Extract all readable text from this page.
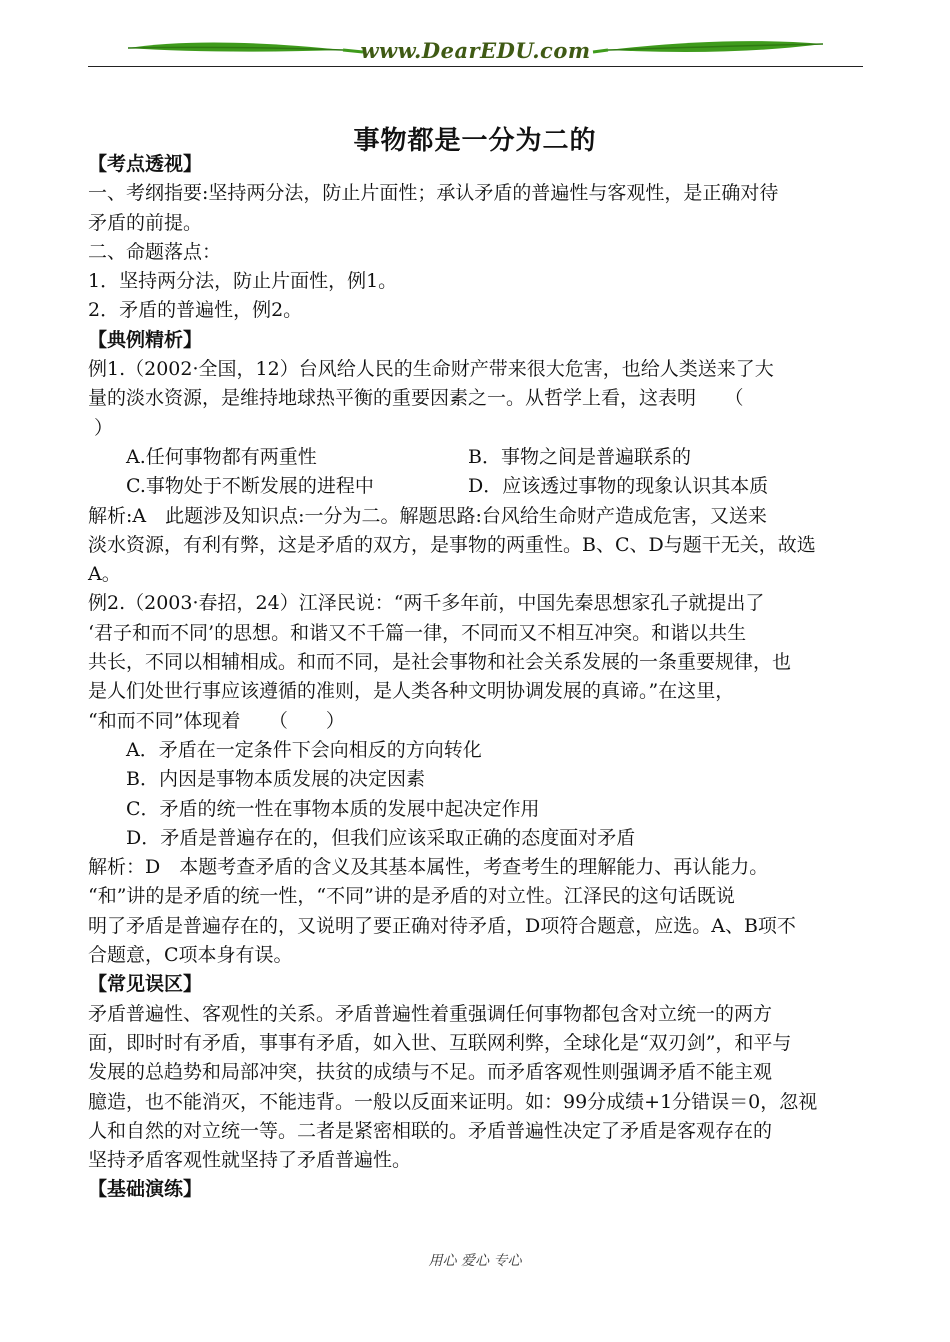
www.DearEDU.com
事物都是一分为二的

【考点透视】

一、考纲指要:坚持两分法，防止片面性；承认矛盾的普遍性与客观性，是正确对待

矛盾的前提。

二、命题落点：

1．坚持两分法，防止片面性，例1。

2．矛盾的普遍性，例2。

【典例精析】

例1.（2002·全国，12）台风给人民的生命财产带来很大危害，也给人类送来了大

量的淡水资源，是维持地球热平衡的重要因素之一。从哲学上看，这表明　　（

）

A.任何事物都有两重性	B．事物之间是普遍联系的
C.事物处于不断发展的进程中	D．应该透过事物的现象认识其本质

解析:A　此题涉及知识点:一分为二。解题思路:台风给生命财产造成危害，又送来

淡水资源，有利有弊，这是矛盾的双方，是事物的两重性。B、C、D与题干无关，故选

A。

例2.（2003·春招，24）江泽民说：“两千多年前，中国先秦思想家孔子就提出了

‘君子和而不同’的思想。和谐又不千篇一律，不同而又不相互冲突。和谐以共生

共长，不同以相辅相成。和而不同，是社会事物和社会关系发展的一条重要规律，也

是人们处世行事应该遵循的准则，是人类各种文明协调发展的真谛。”在这里，

“和而不同”体现着　　（　　）

A．矛盾在一定条件下会向相反的方向转化

B．内因是事物本质发展的决定因素

C．矛盾的统一性在事物本质的发展中起决定作用

D．矛盾是普遍存在的，但我们应该采取正确的态度面对矛盾

解析：D　本题考查矛盾的含义及其基本属性，考查考生的理解能力、再认能力。

“和”讲的是矛盾的统一性，“不同”讲的是矛盾的对立性。江泽民的这句话既说

明了矛盾是普遍存在的，又说明了要正确对待矛盾，D项符合题意，应选。A、B项不

合题意，C项本身有误。

【常见误区】

矛盾普遍性、客观性的关系。矛盾普遍性着重强调任何事物都包含对立统一的两方

面，即时时有矛盾，事事有矛盾，如入世、互联网利弊，全球化是“双刃剑”，和平与

发展的总趋势和局部冲突，扶贫的成绩与不足。而矛盾客观性则强调矛盾不能主观

臆造，也不能消灭，不能违背。一般以反面来证明。如：99分成绩+1分错误＝0，忽视

人和自然的对立统一等。二者是紧密相联的。矛盾普遍性决定了矛盾是客观存在的

坚持矛盾客观性就坚持了矛盾普遍性。

【基础演练】

用心 爱心 专心
